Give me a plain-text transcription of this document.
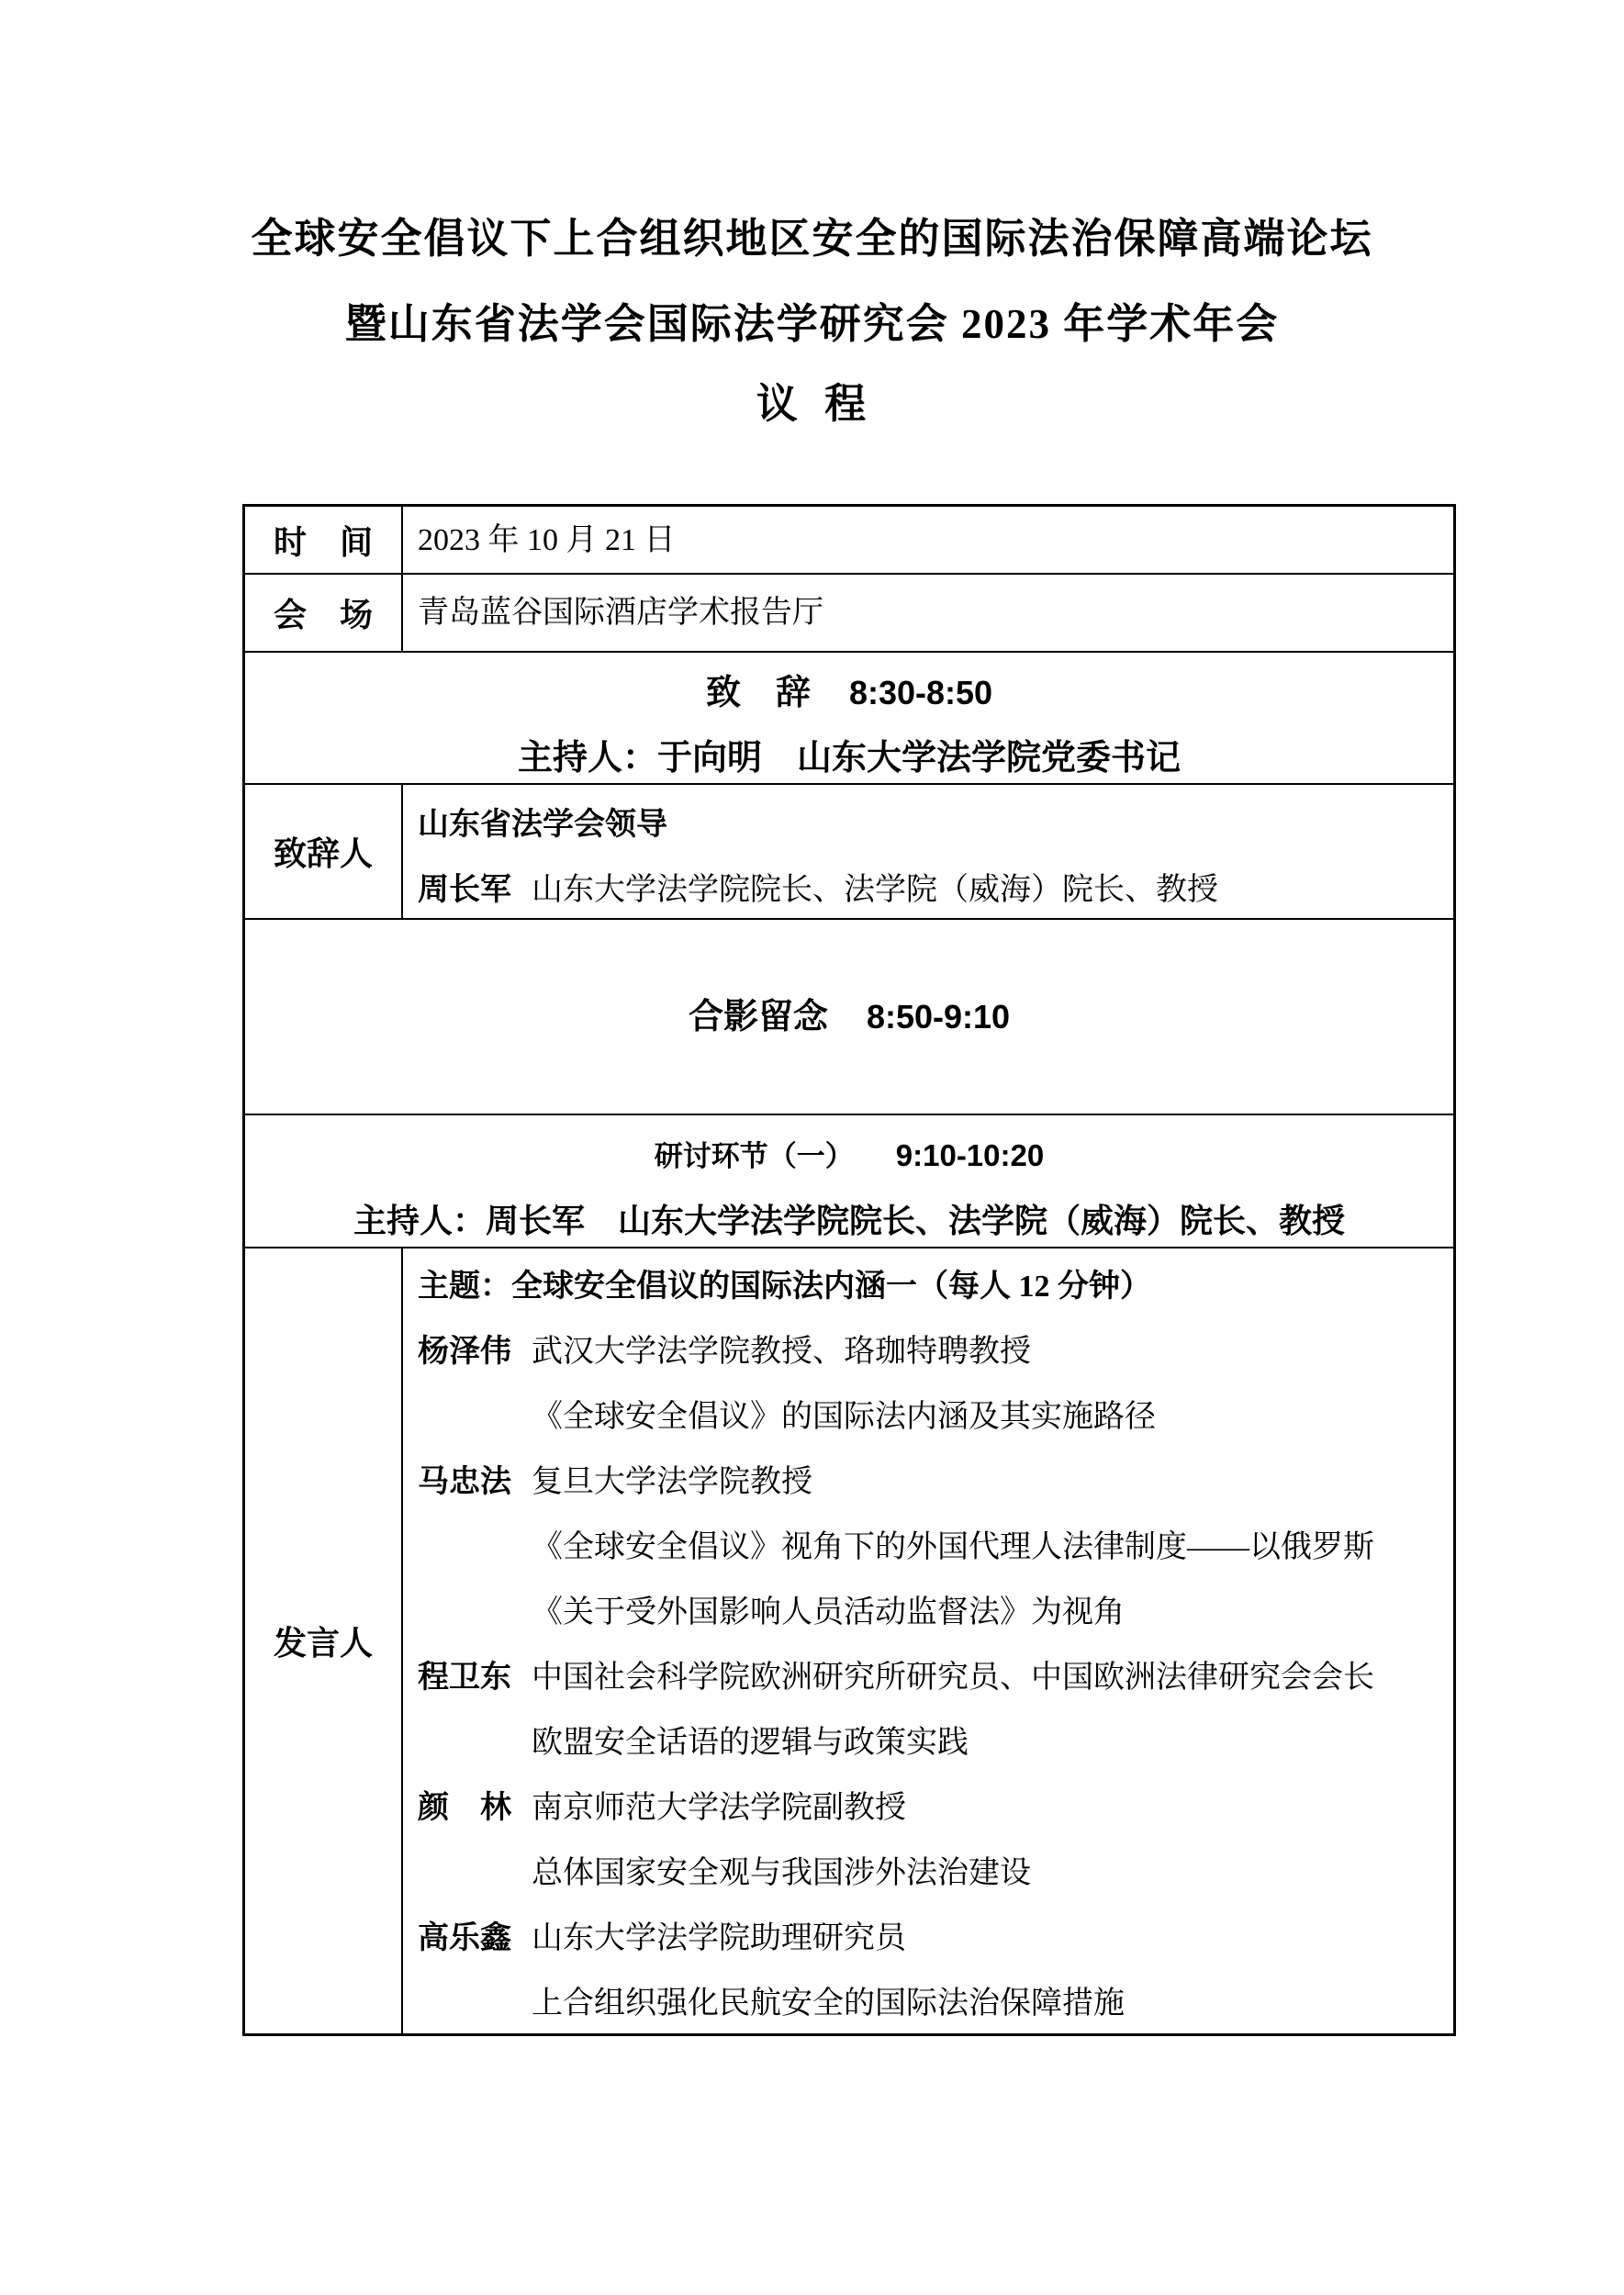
全球安全倡议下上合组织地区安全的国际法治保障高端论坛
暨山东省法学会国际法学研究会 2023 年学术年会
议 程
时　间	2023 年 10 月 21 日
会　场	青岛蓝谷国际酒店学术报告厅
致　辞 8:30-8:50
主持人：于向明　山东大学法学院党委书记
致辞人
山东省法学会领导
周长军 山东大学法学院院长、法学院（威海）院长、教授
合影留念 8:50-9:10
研讨环节（一） 9:10-10:20
主持人：周长军　山东大学法学院院长、法学院（威海）院长、教授
发言人
主题：全球安全倡议的国际法内涵一（每人 12 分钟）
杨泽伟 武汉大学法学院教授、珞珈特聘教授
《全球安全倡议》的国际法内涵及其实施路径
马忠法 复旦大学法学院教授
《全球安全倡议》视角下的外国代理人法律制度——以俄罗斯
《关于受外国影响人员活动监督法》为视角
程卫东 中国社会科学院欧洲研究所研究员、中国欧洲法律研究会会长
欧盟安全话语的逻辑与政策实践
颜　林 南京师范大学法学院副教授
总体国家安全观与我国涉外法治建设
高乐鑫 山东大学法学院助理研究员
上合组织强化民航安全的国际法治保障措施
